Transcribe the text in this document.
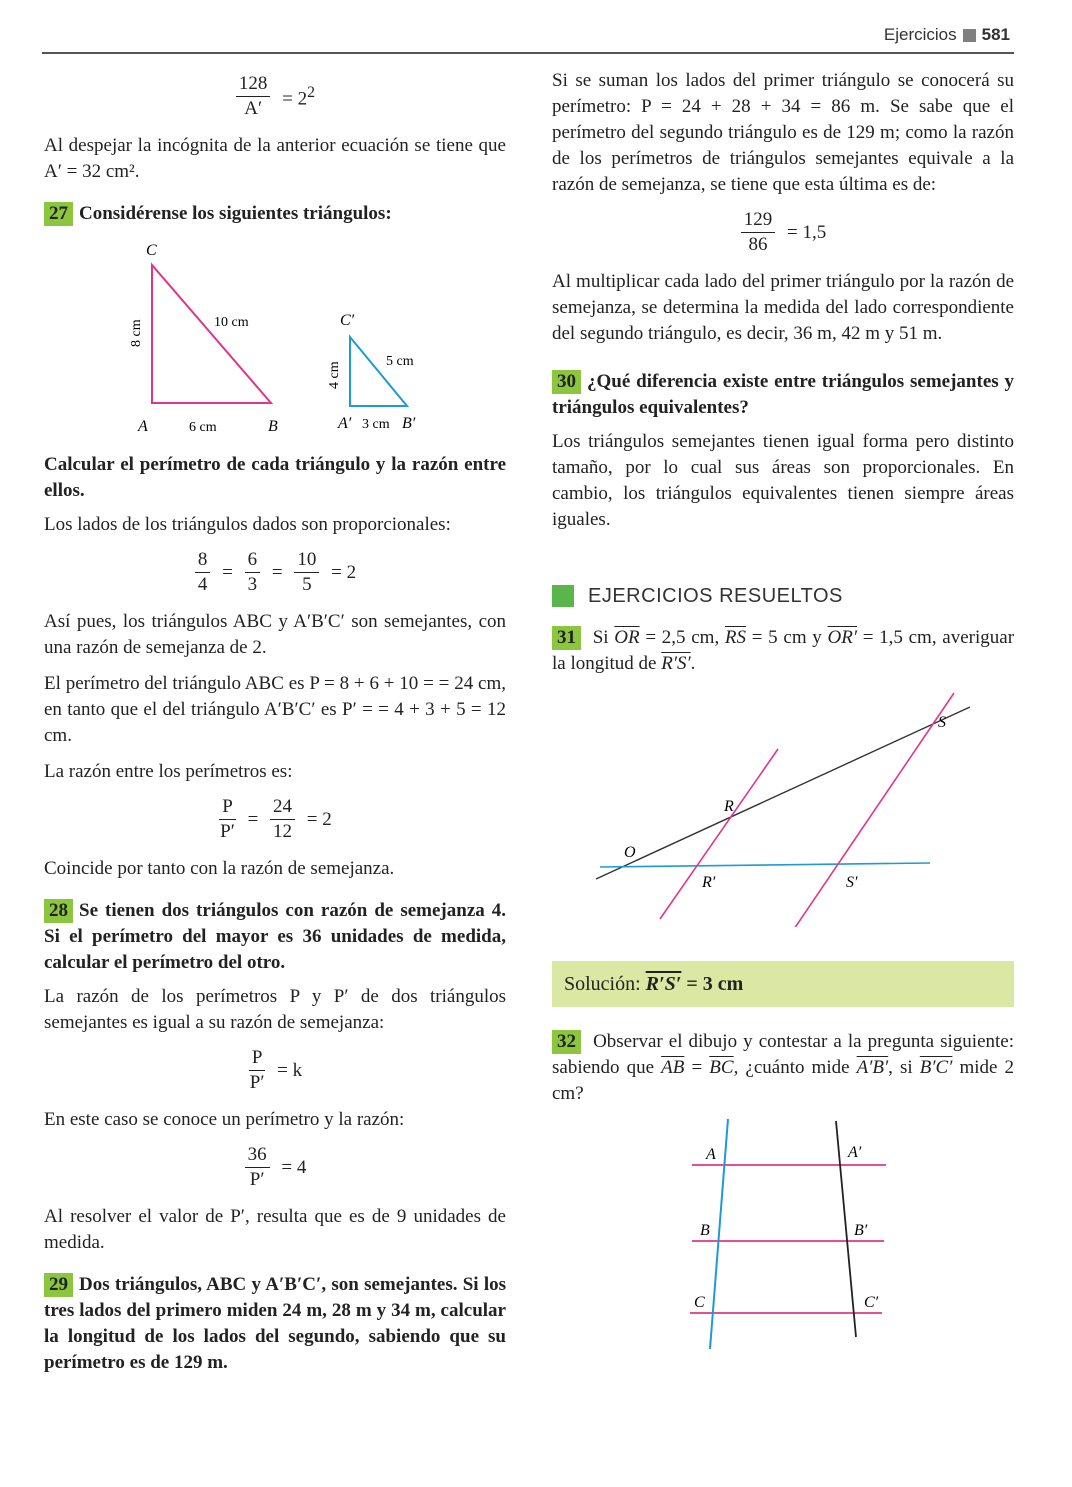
Ejercicios 581
$\frac{128}{A'} = 2^2$

Al despejar la incógnita de la anterior ecuación se tiene que A′ = 32 cm².

27 Considérense los siguientes triángulos:
C
A	B
8 cm
6 cm
10 cm	C′
A′	B′
4 cm
3 cm
5 cm
Calcular el perímetro de cada triángulo y la razón entre ellos.

Los lados de los triángulos dados son proporcionales:

$\frac{8}{4} = \frac{6}{3} = \frac{10}{5} = 2$

Así pues, los triángulos ABC y A′B′C′ son semejantes, con una razón de semejanza de 2.

El perímetro del triángulo ABC es P = 8 + 6 + 10 = = 24 cm, en tanto que el del triángulo A′B′C′ es P′ = = 4 + 3 + 5 = 12 cm.

La razón entre los perímetros es:

$\frac{P}{P'} = \frac{24}{12} = 2$

Coincide por tanto con la razón de semejanza.

28 Se tienen dos triángulos con razón de semejanza 4. Si el perímetro del mayor es 36 unidades de medida, calcular el perímetro del otro.

La razón de los perímetros P y P′ de dos triángulos semejantes es igual a su razón de semejanza:

$\frac{P}{P'} = k$

En este caso se conoce un perímetro y la razón:

$\frac{36}{P'} = 4$

Al resolver el valor de P′, resulta que es de 9 unidades de medida.

29 Dos triángulos, ABC y A′B′C′, son semejantes. Si los tres lados del primero miden 24 m, 28 m y 34 m, calcular la longitud de los lados del segundo, sabiendo que su perímetro es de 129 m.

Si se suman los lados del primer triángulo se conocerá su perímetro: P = 24 + 28 + 34 = 86 m. Se sabe que el perímetro del segundo triángulo es de 129 m; como la razón de los perímetros de triángulos semejantes equivale a la razón de semejanza, se tiene que esta última es de:

$\frac{129}{86} = 1,5$

Al multiplicar cada lado del primer triángulo por la razón de semejanza, se determina la medida del lado correspondiente del segundo triángulo, es decir, 36 m, 42 m y 51 m.

30 ¿Qué diferencia existe entre triángulos semejantes y triángulos equivalentes?

Los triángulos semejantes tienen igual forma pero distinto tamaño, por lo cual sus áreas son proporcionales. En cambio, los triángulos equivalentes tienen siempre áreas iguales.

EJERCICIOS RESUELTOS

31 Si $\overline{OR} = 2,5$ cm, $\overline{RS} = 5$ cm y OR′ = 1,5 cm, averiguar la longitud de R′S′.

O
R
S
R′	S′
Solución: R′S′ = 3 cm

32 Observar el dibujo y contestar a la pregunta siguiente: sabiendo que $\overline{AB} = \overline{BC}$, ¿cuánto mide A′B′, si B′C′ mide 2 cm?

A
B
C
A′
B′
C′
